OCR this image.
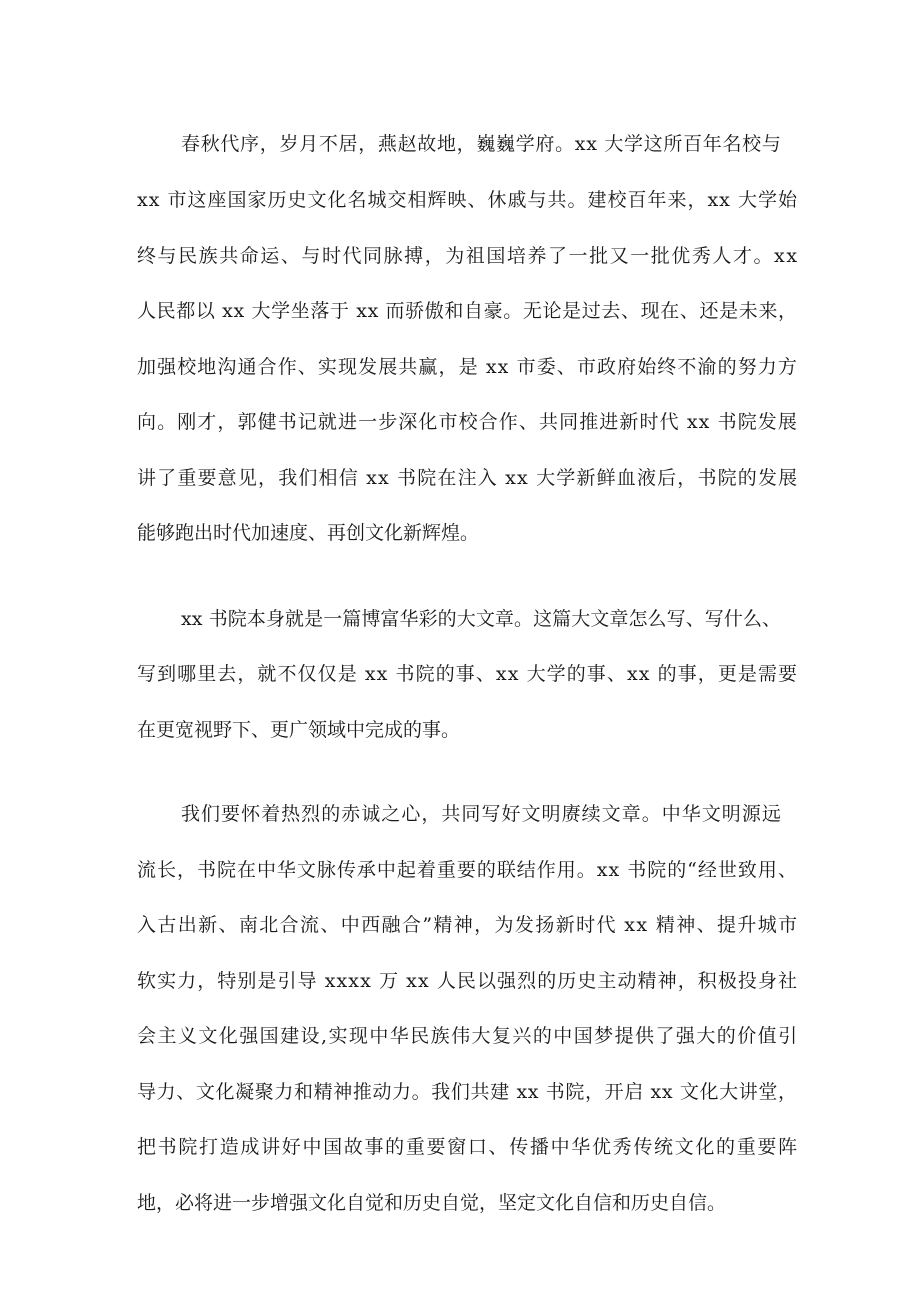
春秋代序，岁月不居，燕赵故地，巍巍学府。xx 大学这所百年名校与
xx 市这座国家历史文化名城交相辉映、休戚与共。建校百年来，xx 大学始
终与民族共命运、与时代同脉搏，为祖国培养了一批又一批优秀人才。xx
人民都以 xx 大学坐落于 xx 而骄傲和自豪。无论是过去、现在、还是未来，
加强校地沟通合作、实现发展共赢，是 xx 市委、市政府始终不渝的努力方
向。刚才，郭健书记就进一步深化市校合作、共同推进新时代 xx 书院发展
讲了重要意见，我们相信 xx 书院在注入 xx 大学新鲜血液后，书院的发展
能够跑出时代加速度、再创文化新辉煌。
xx 书院本身就是一篇博富华彩的大文章。这篇大文章怎么写、写什么、
写到哪里去，就不仅仅是 xx 书院的事、xx 大学的事、xx 的事，更是需要
在更宽视野下、更广领域中完成的事。
我们要怀着热烈的赤诚之心，共同写好文明赓续文章。中华文明源远
流长，书院在中华文脉传承中起着重要的联结作用。xx 书院的“经世致用、
入古出新、南北合流、中西融合”精神，为发扬新时代 xx 精神、提升城市
软实力，特别是引导 xxxx 万 xx 人民以强烈的历史主动精神，积极投身社
会主义文化强国建设,实现中华民族伟大复兴的中国梦提供了强大的价值引
导力、文化凝聚力和精神推动力。我们共建 xx 书院，开启 xx 文化大讲堂，
把书院打造成讲好中国故事的重要窗口、传播中华优秀传统文化的重要阵
地，必将进一步增强文化自觉和历史自觉，坚定文化自信和历史自信。
